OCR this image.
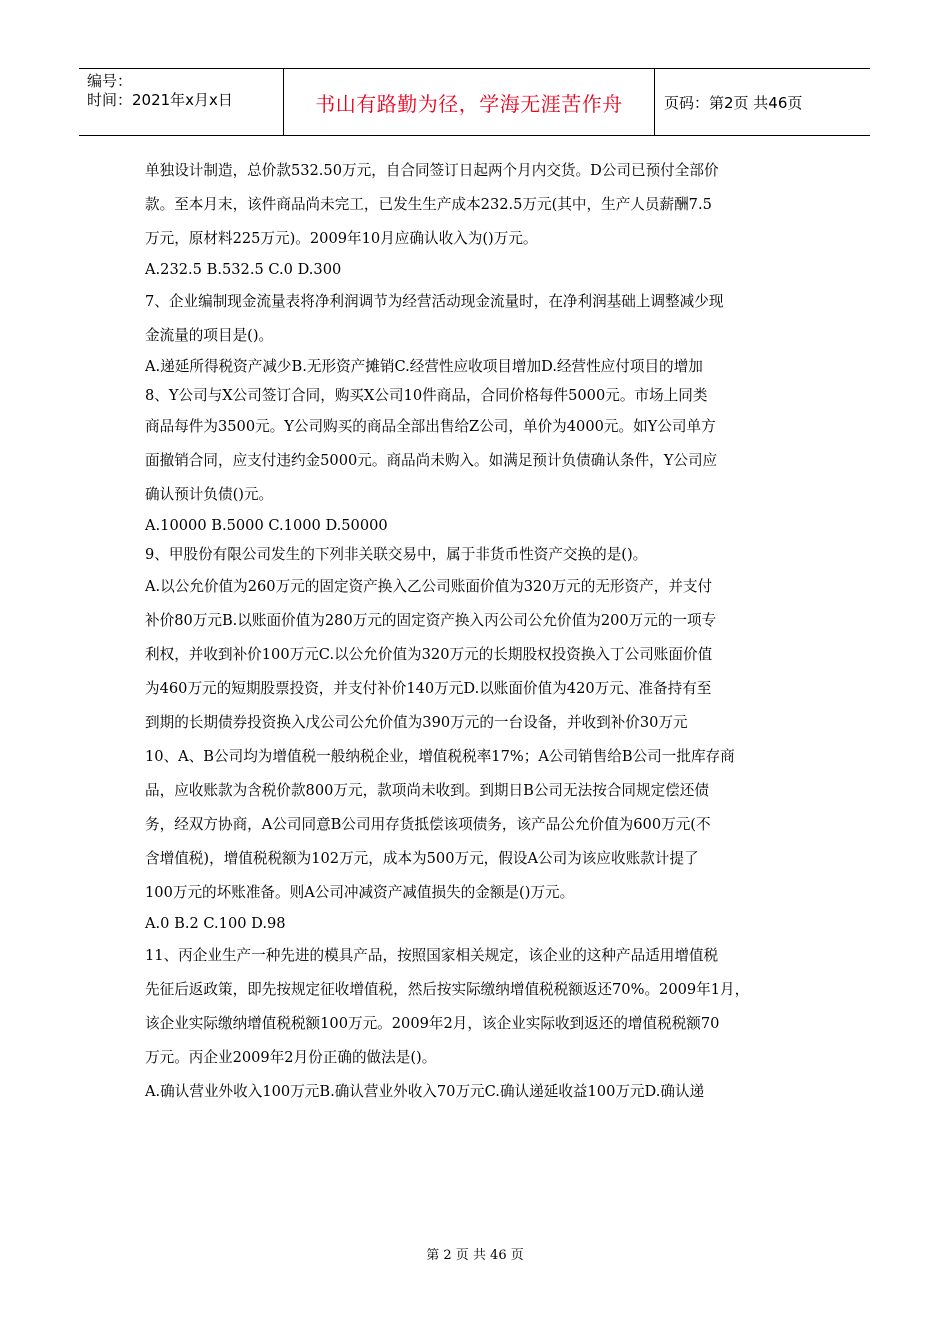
编号：
时间：2021年x月x日	书山有路勤为径，学海无涯苦作舟	页码：第2页 共46页
单独设计制造，总价款532.50万元，自合同签订日起两个月内交货。D公司已预付全部价
款。至本月末，该件商品尚未完工，已发生生产成本232.5万元(其中，生产人员薪酬7.5
万元，原材料225万元)。2009年10月应确认收入为()万元。
A.232.5 B.532.5 C.0 D.300
7、企业编制现金流量表将净利润调节为经营活动现金流量时，在净利润基础上调整减少现
金流量的项目是()。
A.递延所得税资产减少B.无形资产摊销C.经营性应收项目增加D.经营性应付项目的增加
8、Y公司与X公司签订合同，购买X公司10件商品，合同价格每件5000元。市场上同类
商品每件为3500元。Y公司购买的商品全部出售给Z公司，单价为4000元。如Y公司单方
面撤销合同，应支付违约金5000元。商品尚未购入。如满足预计负债确认条件，Y公司应
确认预计负债()元。
A.10000 B.5000 C.1000 D.50000
9、甲股份有限公司发生的下列非关联交易中，属于非货币性资产交换的是()。
A.以公允价值为260万元的固定资产换入乙公司账面价值为320万元的无形资产，并支付
补价80万元B.以账面价值为280万元的固定资产换入丙公司公允价值为200万元的一项专
利权，并收到补价100万元C.以公允价值为320万元的长期股权投资换入丁公司账面价值
为460万元的短期股票投资，并支付补价140万元D.以账面价值为420万元、准备持有至
到期的长期债券投资换入戊公司公允价值为390万元的一台设备，并收到补价30万元
10、A、B公司均为增值税一般纳税企业，增值税税率17%；A公司销售给B公司一批库存商
品，应收账款为含税价款800万元，款项尚未收到。到期日B公司无法按合同规定偿还债
务，经双方协商，A公司同意B公司用存货抵偿该项债务，该产品公允价值为600万元(不
含增值税)，增值税税额为102万元，成本为500万元，假设A公司为该应收账款计提了
100万元的坏账准备。则A公司冲减资产减值损失的金额是()万元。
A.0 B.2 C.100 D.98
11、丙企业生产一种先进的模具产品，按照国家相关规定，该企业的这种产品适用增值税
先征后返政策，即先按规定征收增值税，然后按实际缴纳增值税税额返还70%。2009年1月，
该企业实际缴纳增值税税额100万元。2009年2月，该企业实际收到返还的增值税税额70
万元。丙企业2009年2月份正确的做法是()。
A.确认营业外收入100万元B.确认营业外收入70万元C.确认递延收益100万元D.确认递
第 2 页 共 46 页
